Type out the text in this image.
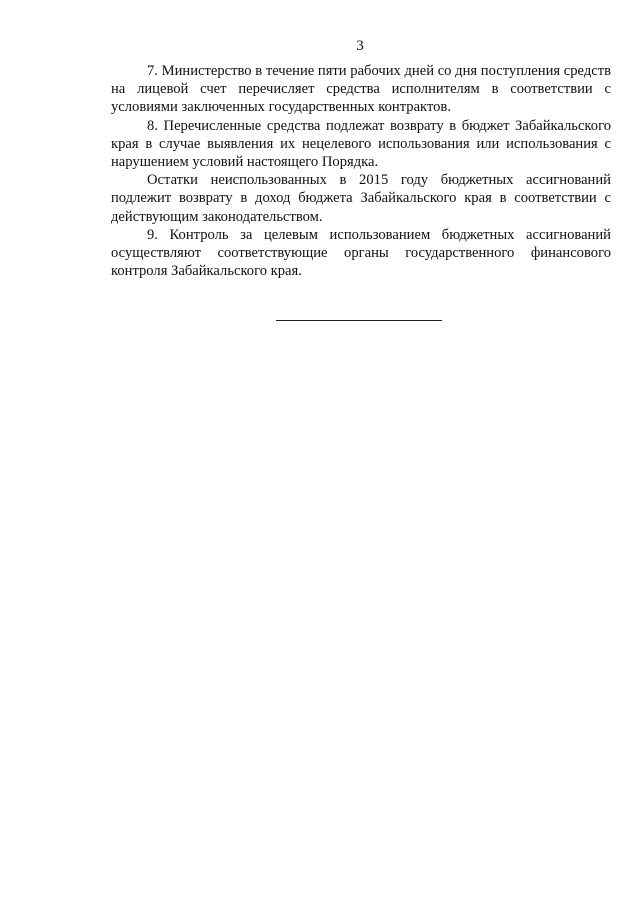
3

7. Министерство в течение пяти рабочих дней со дня поступления средств на лицевой счет перечисляет средства исполнителям в соответствии с условиями заключенных государственных контрактов.

8. Перечисленные средства подлежат возврату в бюджет Забайкальского края в случае выявления их нецелевого использования или использования с нарушением условий настоящего Порядка.

Остатки неиспользованных в 2015 году бюджетных ассигнований подлежит возврату в доход бюджета Забайкальского края в соответствии с действующим законодательством.

9. Контроль за целевым использованием бюджетных ассигнований осуществляют соответствующие органы государственного финансового контроля Забайкальского края.
